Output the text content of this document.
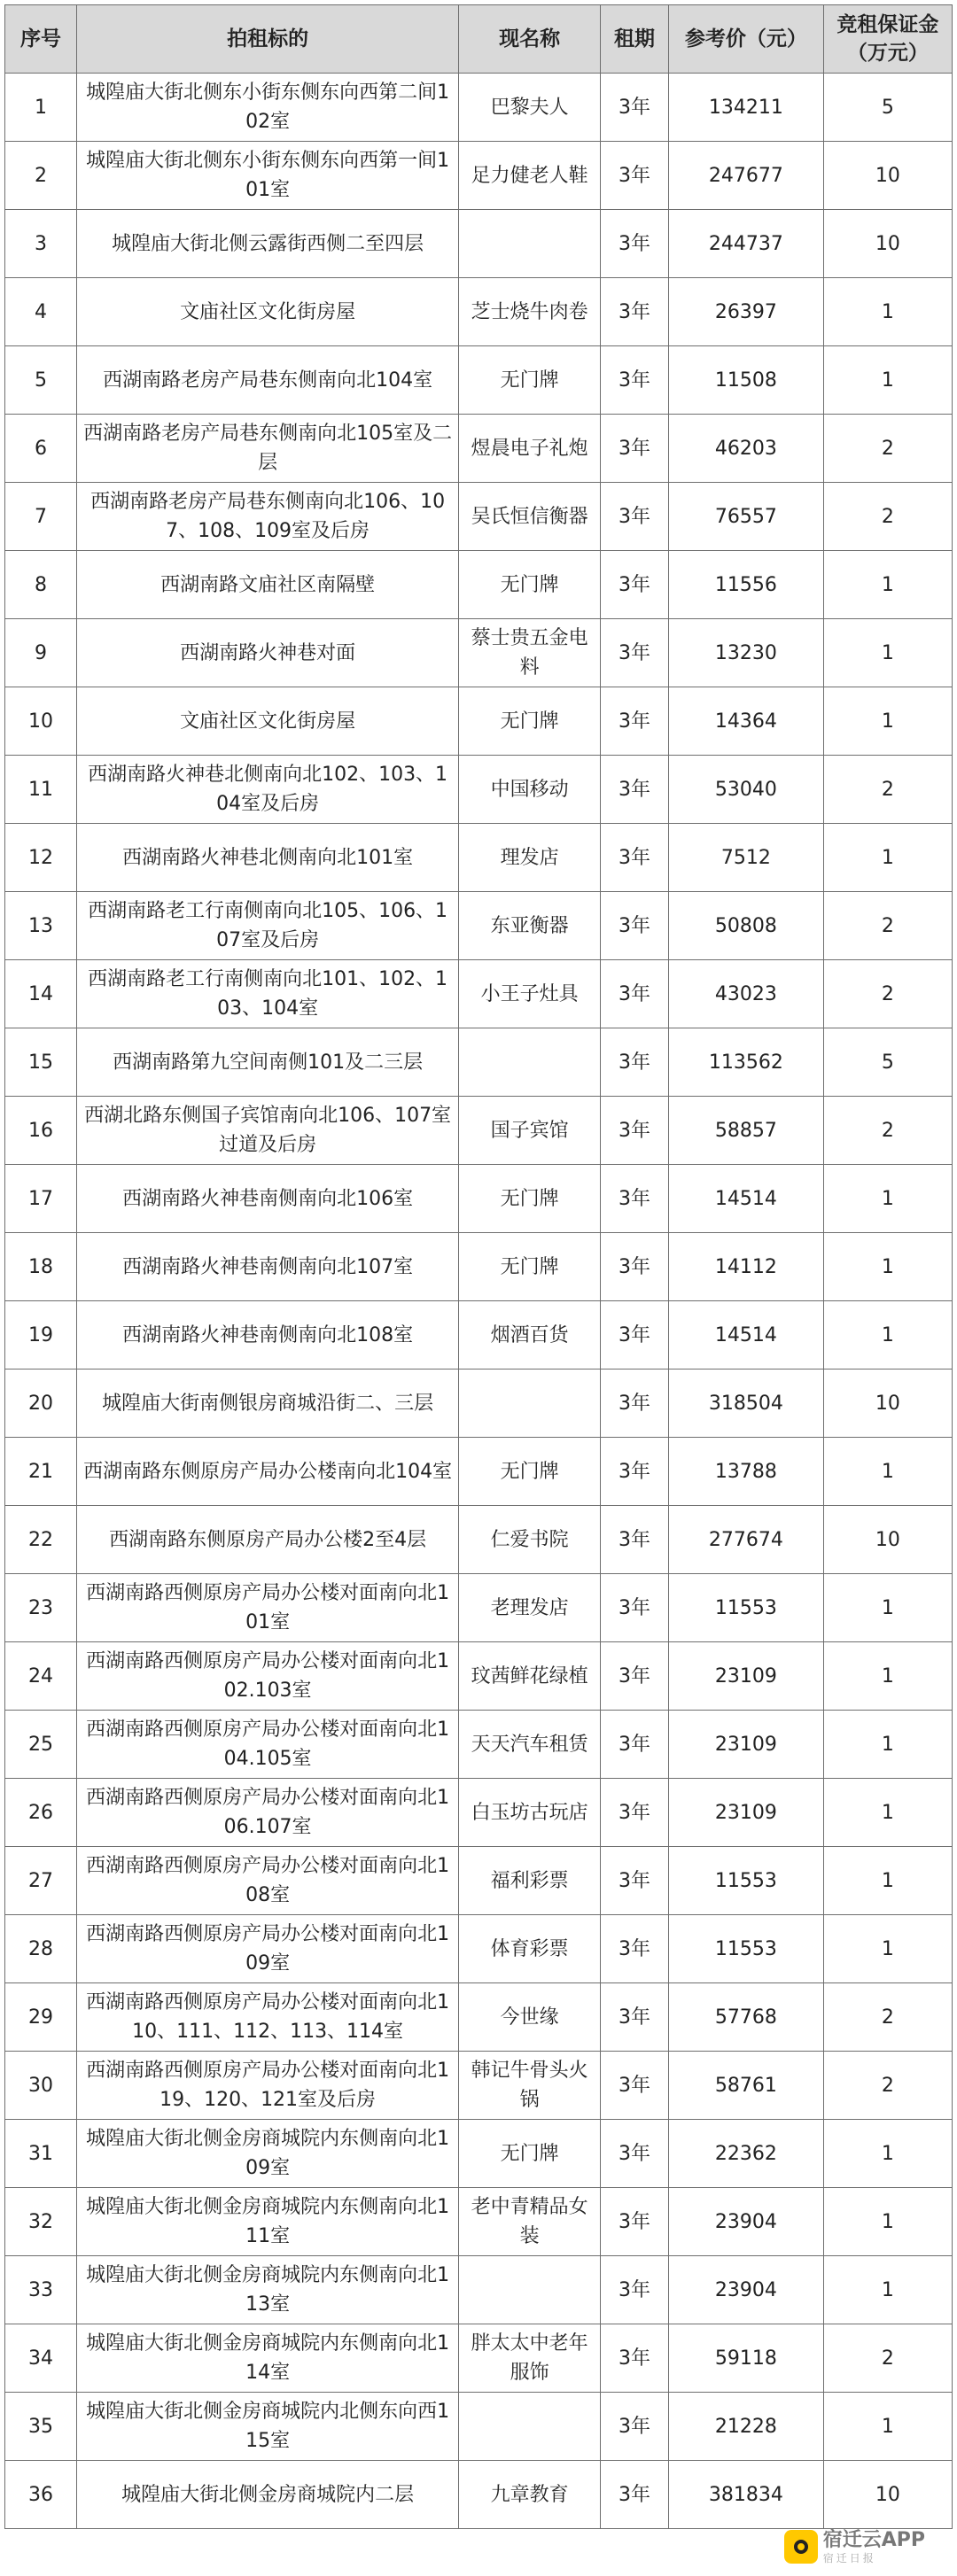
序号	拍租标的	现名称	租期	参考价（元）	竞租保证金（万元）
1	城隍庙大街北侧东小街东侧东向西第二间102室	巴黎夫人	3年	134211	5
2	城隍庙大街北侧东小街东侧东向西第一间101室	足力健老人鞋	3年	247677	10
3	城隍庙大街北侧云露街西侧二至四层		3年	244737	10
4	文庙社区文化街房屋	芝士烧牛肉卷	3年	26397	1
5	西湖南路老房产局巷东侧南向北104室	无门牌	3年	11508	1
6	西湖南路老房产局巷东侧南向北105室及二层	煜晨电子礼炮	3年	46203	2
7	西湖南路老房产局巷东侧南向北106、107、108、109室及后房	吴氏恒信衡器	3年	76557	2
8	西湖南路文庙社区南隔壁	无门牌	3年	11556	1
9	西湖南路火神巷对面	蔡士贵五金电料	3年	13230	1
10	文庙社区文化街房屋	无门牌	3年	14364	1
11	西湖南路火神巷北侧南向北102、103、104室及后房	中国移动	3年	53040	2
12	西湖南路火神巷北侧南向北101室	理发店	3年	7512	1
13	西湖南路老工行南侧南向北105、106、107室及后房	东亚衡器	3年	50808	2
14	西湖南路老工行南侧南向北101、102、103、104室	小王子灶具	3年	43023	2
15	西湖南路第九空间南侧101及二三层		3年	113562	5
16	西湖北路东侧国子宾馆南向北106、107室过道及后房	国子宾馆	3年	58857	2
17	西湖南路火神巷南侧南向北106室	无门牌	3年	14514	1
18	西湖南路火神巷南侧南向北107室	无门牌	3年	14112	1
19	西湖南路火神巷南侧南向北108室	烟酒百货	3年	14514	1
20	城隍庙大街南侧银房商城沿街二、三层		3年	318504	10
21	西湖南路东侧原房产局办公楼南向北104室	无门牌	3年	13788	1
22	西湖南路东侧原房产局办公楼2至4层	仁爱书院	3年	277674	10
23	西湖南路西侧原房产局办公楼对面南向北101室	老理发店	3年	11553	1
24	西湖南路西侧原房产局办公楼对面南向北102.103室	玟茜鲜花绿植	3年	23109	1
25	西湖南路西侧原房产局办公楼对面南向北104.105室	天天汽车租赁	3年	23109	1
26	西湖南路西侧原房产局办公楼对面南向北106.107室	白玉坊古玩店	3年	23109	1
27	西湖南路西侧原房产局办公楼对面南向北108室	福利彩票	3年	11553	1
28	西湖南路西侧原房产局办公楼对面南向北109室	体育彩票	3年	11553	1
29	西湖南路西侧原房产局办公楼对面南向北110、111、112、113、114室	今世缘	3年	57768	2
30	西湖南路西侧原房产局办公楼对面南向北119、120、121室及后房	韩记牛骨头火锅	3年	58761	2
31	城隍庙大街北侧金房商城院内东侧南向北109室	无门牌	3年	22362	1
32	城隍庙大街北侧金房商城院内东侧南向北111室	老中青精品女装	3年	23904	1
33	城隍庙大街北侧金房商城院内东侧南向北113室		3年	23904	1
34	城隍庙大街北侧金房商城院内东侧南向北114室	胖太太中老年服饰	3年	59118	2
35	城隍庙大街北侧金房商城院内北侧东向西115室		3年	21228	1
36	城隍庙大街北侧金房商城院内二层	九章教育	3年	381834	10
宿迁云APP
宿迁日报
